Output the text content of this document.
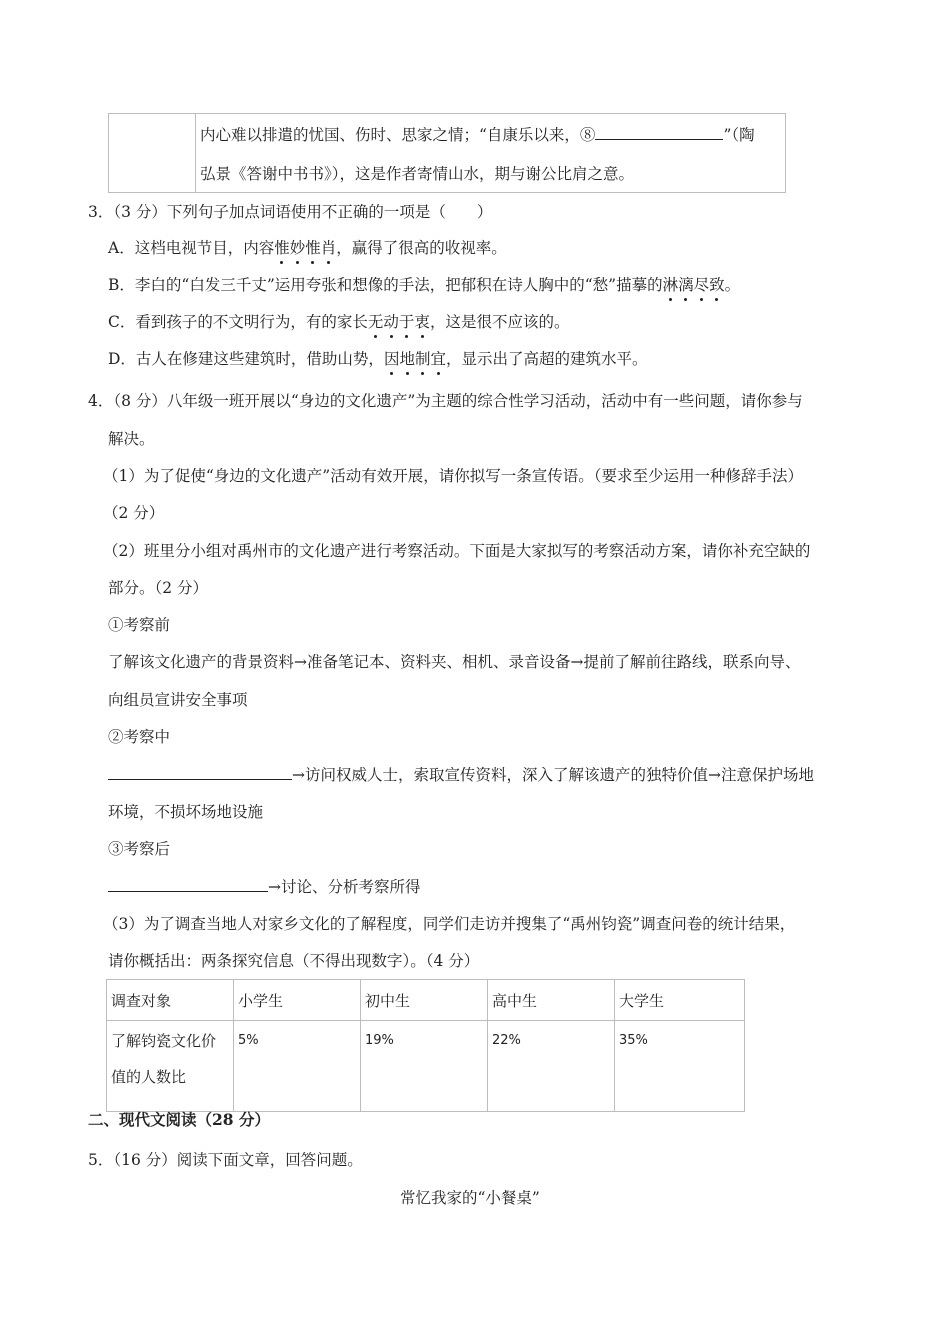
内心难以排遣的忧国、伤时、思家之情；“自康乐以来，⑧	”（陶
弘景《答谢中书书》），这是作者寄情山水，期与谢公比肩之意。
3．（3 分）下列句子加点词语使用不正确的一项是（　　）
A．这档电视节目，内容惟妙惟肖，赢得了很高的收视率。
B．李白的“白发三千丈”运用夸张和想像的手法，把郁积在诗人胸中的“愁”描摹的淋漓尽致。
C．看到孩子的不文明行为，有的家长无动于衷，这是很不应该的。
D．古人在修建这些建筑时，借助山势，因地制宜，显示出了高超的建筑水平。
4．（8 分）八年级一班开展以“身边的文化遗产”为主题的综合性学习活动，活动中有一些问题，请你参与
解决。
（1）为了促使“身边的文化遗产”活动有效开展，请你拟写一条宣传语。（要求至少运用一种修辞手法）
（2 分）
（2）班里分小组对禹州市的文化遗产进行考察活动。下面是大家拟写的考察活动方案，请你补充空缺的
部分。（2 分）
①考察前
了解该文化遗产的背景资料→准备笔记本、资料夹、相机、录音设备→提前了解前往路线，联系向导、
向组员宣讲安全事项
②考察中
→访问权威人士，索取宣传资料，深入了解该遗产的独特价值→注意保护场地
环境，不损坏场地设施
③考察后
→讨论、分析考察所得
（3）为了调查当地人对家乡文化的了解程度，同学们走访并搜集了“禹州钧瓷”调查问卷的统计结果，
请你概括出：两条探究信息（不得出现数字）。（4 分）
调查对象	小学生	初中生	高中生	大学生

了解钧瓷文化价
值的人数比	5%	19%	22%	35%
二、现代文阅读（28 分）
5．（16 分）阅读下面文章，回答问题。
常忆我家的“小餐桌”
